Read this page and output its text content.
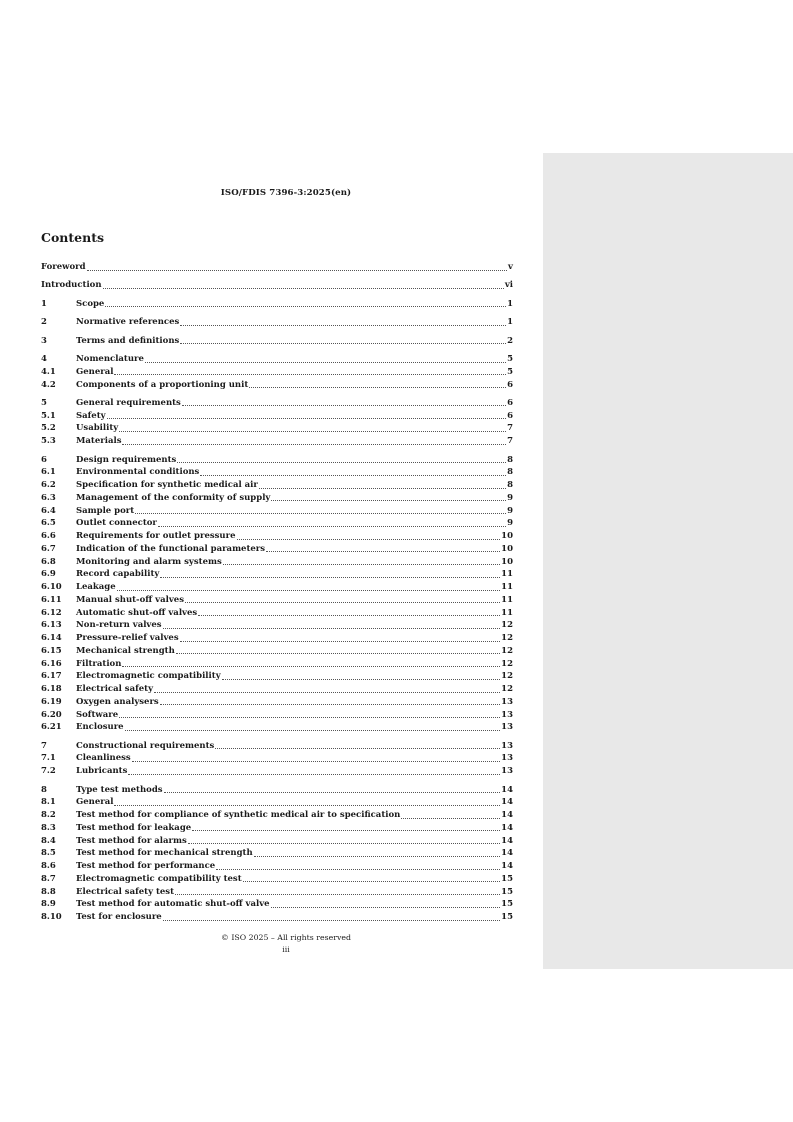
ISO/FDIS 7396-3:2025(en)
Contents
Foreword	v
Introduction	vi
1	Scope	1
2	Normative references	1
3	Terms and definitions	2
4	Nomenclature	5
4.1	General	5
4.2	Components of a proportioning unit	6
5	General requirements	6
5.1	Safety	6
5.2	Usability	7
5.3	Materials	7
6	Design requirements	8
6.1	Environmental conditions	8
6.2	Specification for synthetic medical air	8
6.3	Management of the conformity of supply	9
6.4	Sample port	9
6.5	Outlet connector	9
6.6	Requirements for outlet pressure	10
6.7	Indication of the functional parameters	10
6.8	Monitoring and alarm systems	10
6.9	Record capability	11
6.10	Leakage	11
6.11	Manual shut-off valves	11
6.12	Automatic shut-off valves	11
6.13	Non-return valves	12
6.14	Pressure-relief valves	12
6.15	Mechanical strength	12
6.16	Filtration	12
6.17	Electromagnetic compatibility	12
6.18	Electrical safety	12
6.19	Oxygen analysers	13
6.20	Software	13
6.21	Enclosure	13
7	Constructional requirements	13
7.1	Cleanliness	13
7.2	Lubricants	13
8	Type test methods	14
8.1	General	14
8.2	Test method for compliance of synthetic medical air to specification	14
8.3	Test method for leakage	14
8.4	Test method for alarms	14
8.5	Test method for mechanical strength	14
8.6	Test method for performance	14
8.7	Electromagnetic compatibility test	15
8.8	Electrical safety test	15
8.9	Test method for automatic shut-off valve	15
8.10	Test for enclosure	15
© ISO 2025 – All rights reserved
iii
